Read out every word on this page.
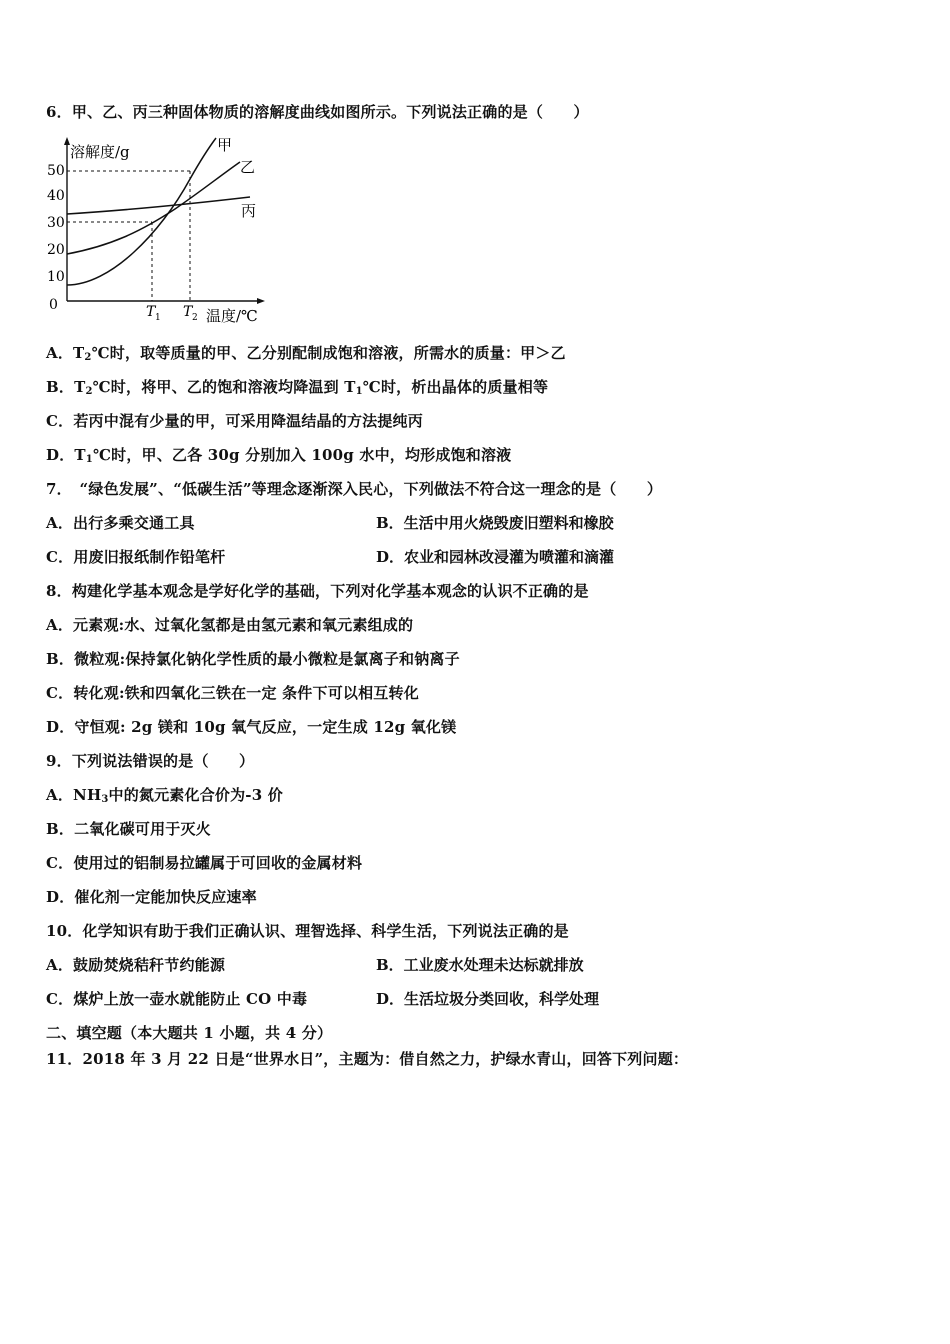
6．甲、乙、丙三种固体物质的溶解度曲线如图所示。下列说法正确的是（　　）
溶解度/g
温度/℃
50
40
30
20
10
0
甲
乙
丙
T 1 T 2
A．$T_2℃$时，取等质量的甲、乙分别配制成饱和溶液，所需水的质量：甲＞乙
B．$T_2℃$时，将甲、乙的饱和溶液均降温到 $T_1℃$时，析出晶体的质量相等
C．若丙中混有少量的甲，可采用降温结晶的方法提纯丙
D．$T_1℃$时，甲、乙各 30g 分别加入 100g 水中，均形成饱和溶液
7．　“绿色发展”、“低碳生活”等理念逐渐深入民心，下列做法不符合这一理念的是（　　）
A．出行多乘交通工具	B．生活中用火烧毁废旧塑料和橡胶
C．用废旧报纸制作铅笔杆	D．农业和园林改浸灌为喷灌和滴灌
8．构建化学基本观念是学好化学的基础，下列对化学基本观念的认识不正确的是
A．元素观:水、过氧化氢都是由氢元素和氧元素组成的
B．微粒观:保持氯化钠化学性质的最小微粒是氯离子和钠离子
C．转化观:铁和四氧化三铁在一定 条件下可以相互转化
D．守恒观: 2g 镁和 10g 氧气反应，一定生成 12g 氧化镁
9．下列说法错误的是（　　）
A．$NH_3$中的氮元素化合价为-3 价
B．二氧化碳可用于灭火
C．使用过的铝制易拉罐属于可回收的金属材料
D．催化剂一定能加快反应速率
10．化学知识有助于我们正确认识、理智选择、科学生活，下列说法正确的是
A．鼓励焚烧秸秆节约能源	B．工业废水处理未达标就排放
C．煤炉上放一壶水就能防止 CO 中毒	D．生活垃圾分类回收，科学处理
二、填空题（本大题共 1 小题，共 4 分）
11．2018 年 3 月 22 日是“世界水日”，主题为：借自然之力，护绿水青山，回答下列问题：
